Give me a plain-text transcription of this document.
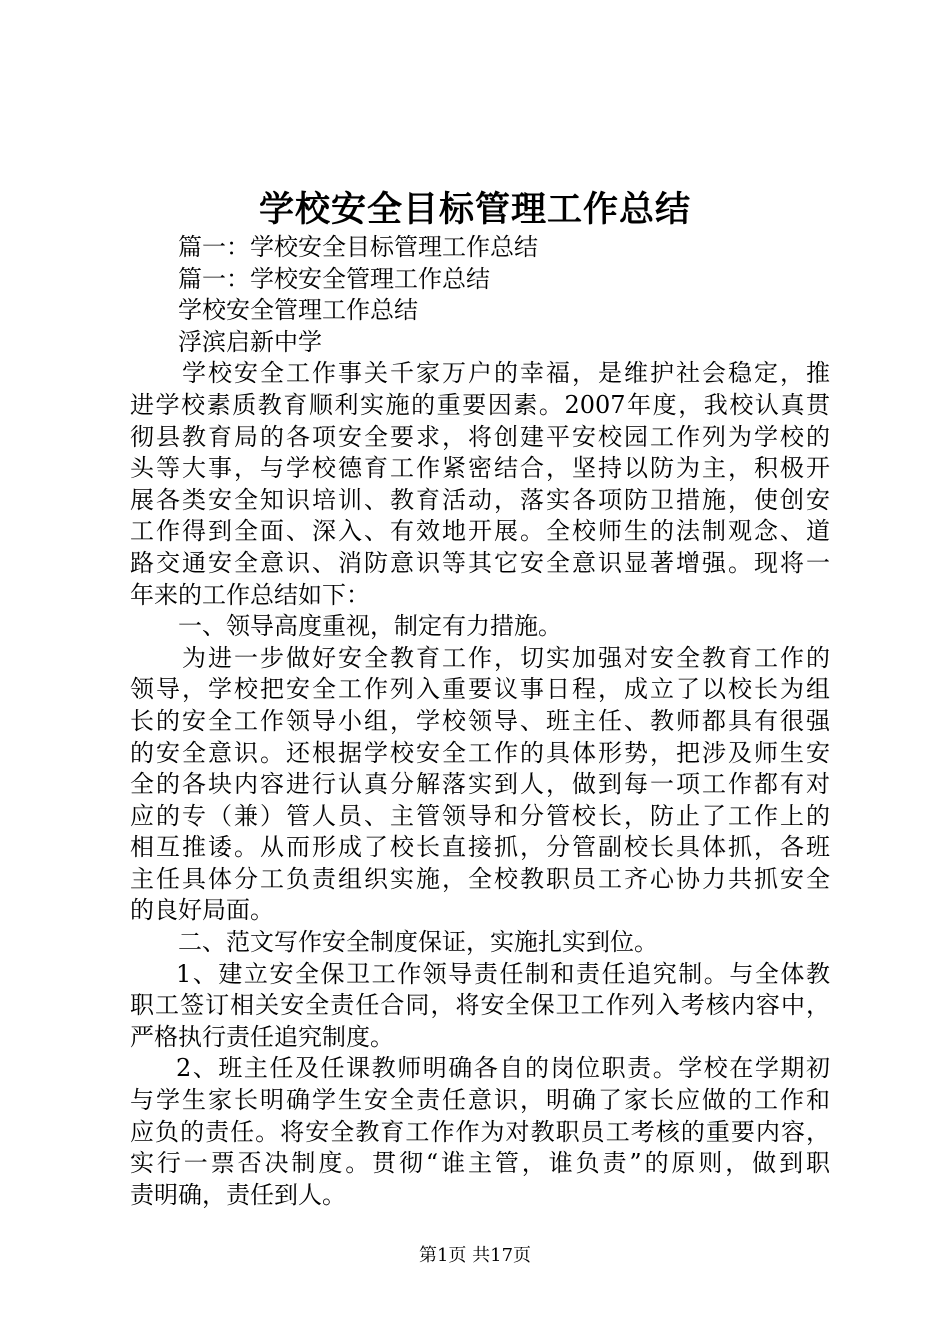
学校安全目标管理工作总结
篇一：学校安全目标管理工作总结
篇一：学校安全管理工作总结
学校安全管理工作总结
浮滨启新中学
学校安全工作事关千家万户的幸福，是维护社会稳定，推
进学校素质教育顺利实施的重要因素。2007年度，我校认真贯
彻县教育局的各项安全要求，将创建平安校园工作列为学校的
头等大事，与学校德育工作紧密结合，坚持以防为主，积极开
展各类安全知识培训、教育活动，落实各项防卫措施，使创安
工作得到全面、深入、有效地开展。全校师生的法制观念、道
路交通安全意识、消防意识等其它安全意识显著增强。现将一
年来的工作总结如下：
一、领导高度重视，制定有力措施。
为进一步做好安全教育工作，切实加强对安全教育工作的
领导，学校把安全工作列入重要议事日程，成立了以校长为组
长的安全工作领导小组，学校领导、班主任、教师都具有很强
的安全意识。还根据学校安全工作的具体形势，把涉及师生安
全的各块内容进行认真分解落实到人，做到每一项工作都有对
应的专（兼）管人员、主管领导和分管校长，防止了工作上的
相互推诿。从而形成了校长直接抓，分管副校长具体抓，各班
主任具体分工负责组织实施，全校教职员工齐心协力共抓安全
的良好局面。
二、范文写作安全制度保证，实施扎实到位。
1、建立安全保卫工作领导责任制和责任追究制。与全体教
职工签订相关安全责任合同，将安全保卫工作列入考核内容中，
严格执行责任追究制度。
2、班主任及任课教师明确各自的岗位职责。学校在学期初
与学生家长明确学生安全责任意识，明确了家长应做的工作和
应负的责任。将安全教育工作作为对教职员工考核的重要内容，
实行一票否决制度。贯彻“谁主管，谁负责”的原则，做到职
责明确，责任到人。
第1页 共17页
